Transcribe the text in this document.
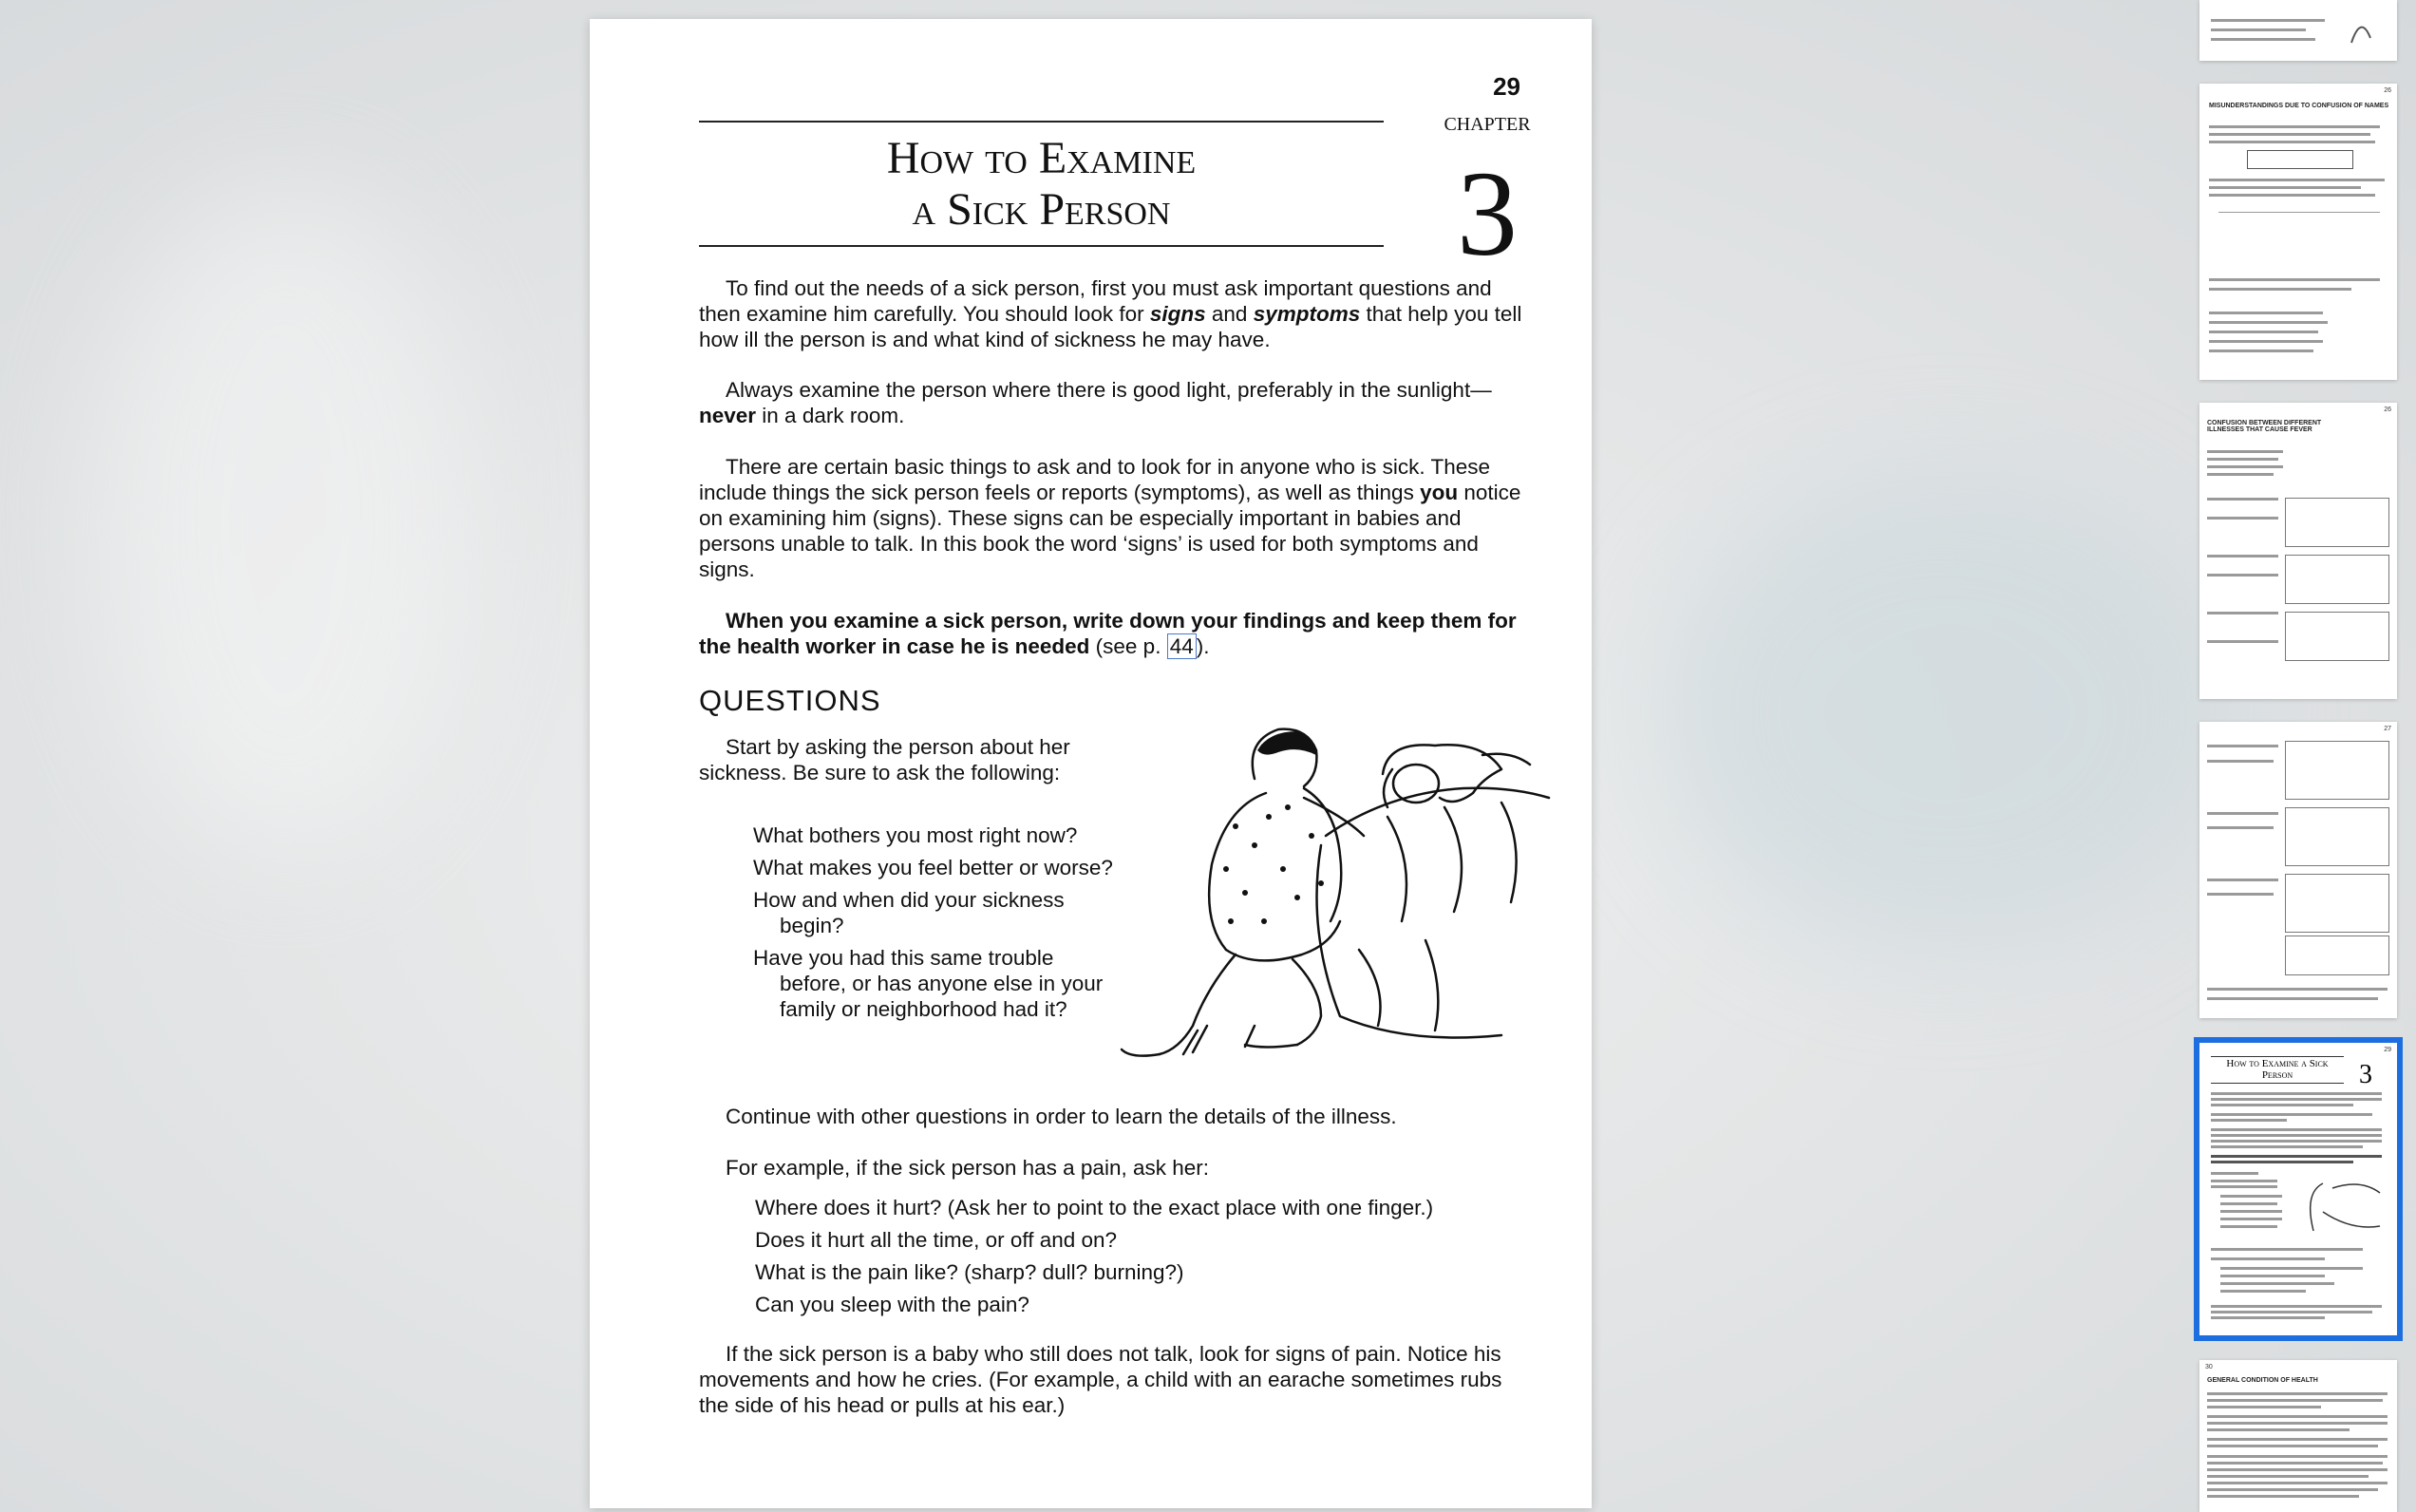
29
How to Examine
a Sick Person
CHAPTER
3

To find out the needs of a sick person, first you must ask important questions and then examine him carefully. You should look for signs and symptoms that help you tell how ill the person is and what kind of sickness he may have.

Always examine the person where there is good light, preferably in the sunlight—never in a dark room.

There are certain basic things to ask and to look for in anyone who is sick. These include things the sick person feels or reports (symptoms), as well as things you notice on examining him (signs). These signs can be especially important in babies and persons unable to talk. In this book the word ‘signs’ is used for both symptoms and signs.

When you examine a sick person, write down your findings and keep them for the health worker in case he is needed (see p. 44 ).

QUESTIONS

Start by asking the person about her sickness. Be sure to ask the following:

What bothers you most right now?

What makes you feel better or worse?

How and when did your sickness begin?

Have you had this same trouble before, or has anyone else in your family or neighborhood had it?

Continue with other questions in order to learn the details of the illness.

For example, if the sick person has a pain, ask her:

Where does it hurt? (Ask her to point to the exact place with one finger.)

Does it hurt all the time, or off and on?

What is the pain like? (sharp? dull? burning?)

Can you sleep with the pain?

If the sick person is a baby who still does not talk, look for signs of pain. Notice his movements and how he cries. (For example, a child with an earache sometimes rubs the side of his head or pulls at his ear.)

26
MISUNDERSTANDINGS DUE TO CONFUSION OF NAMES
26
CONFUSION BETWEEN DIFFERENT ILLNESSES THAT CAUSE FEVER
27
29
How to Examine a Sick Person	3
30
GENERAL CONDITION OF HEALTH
